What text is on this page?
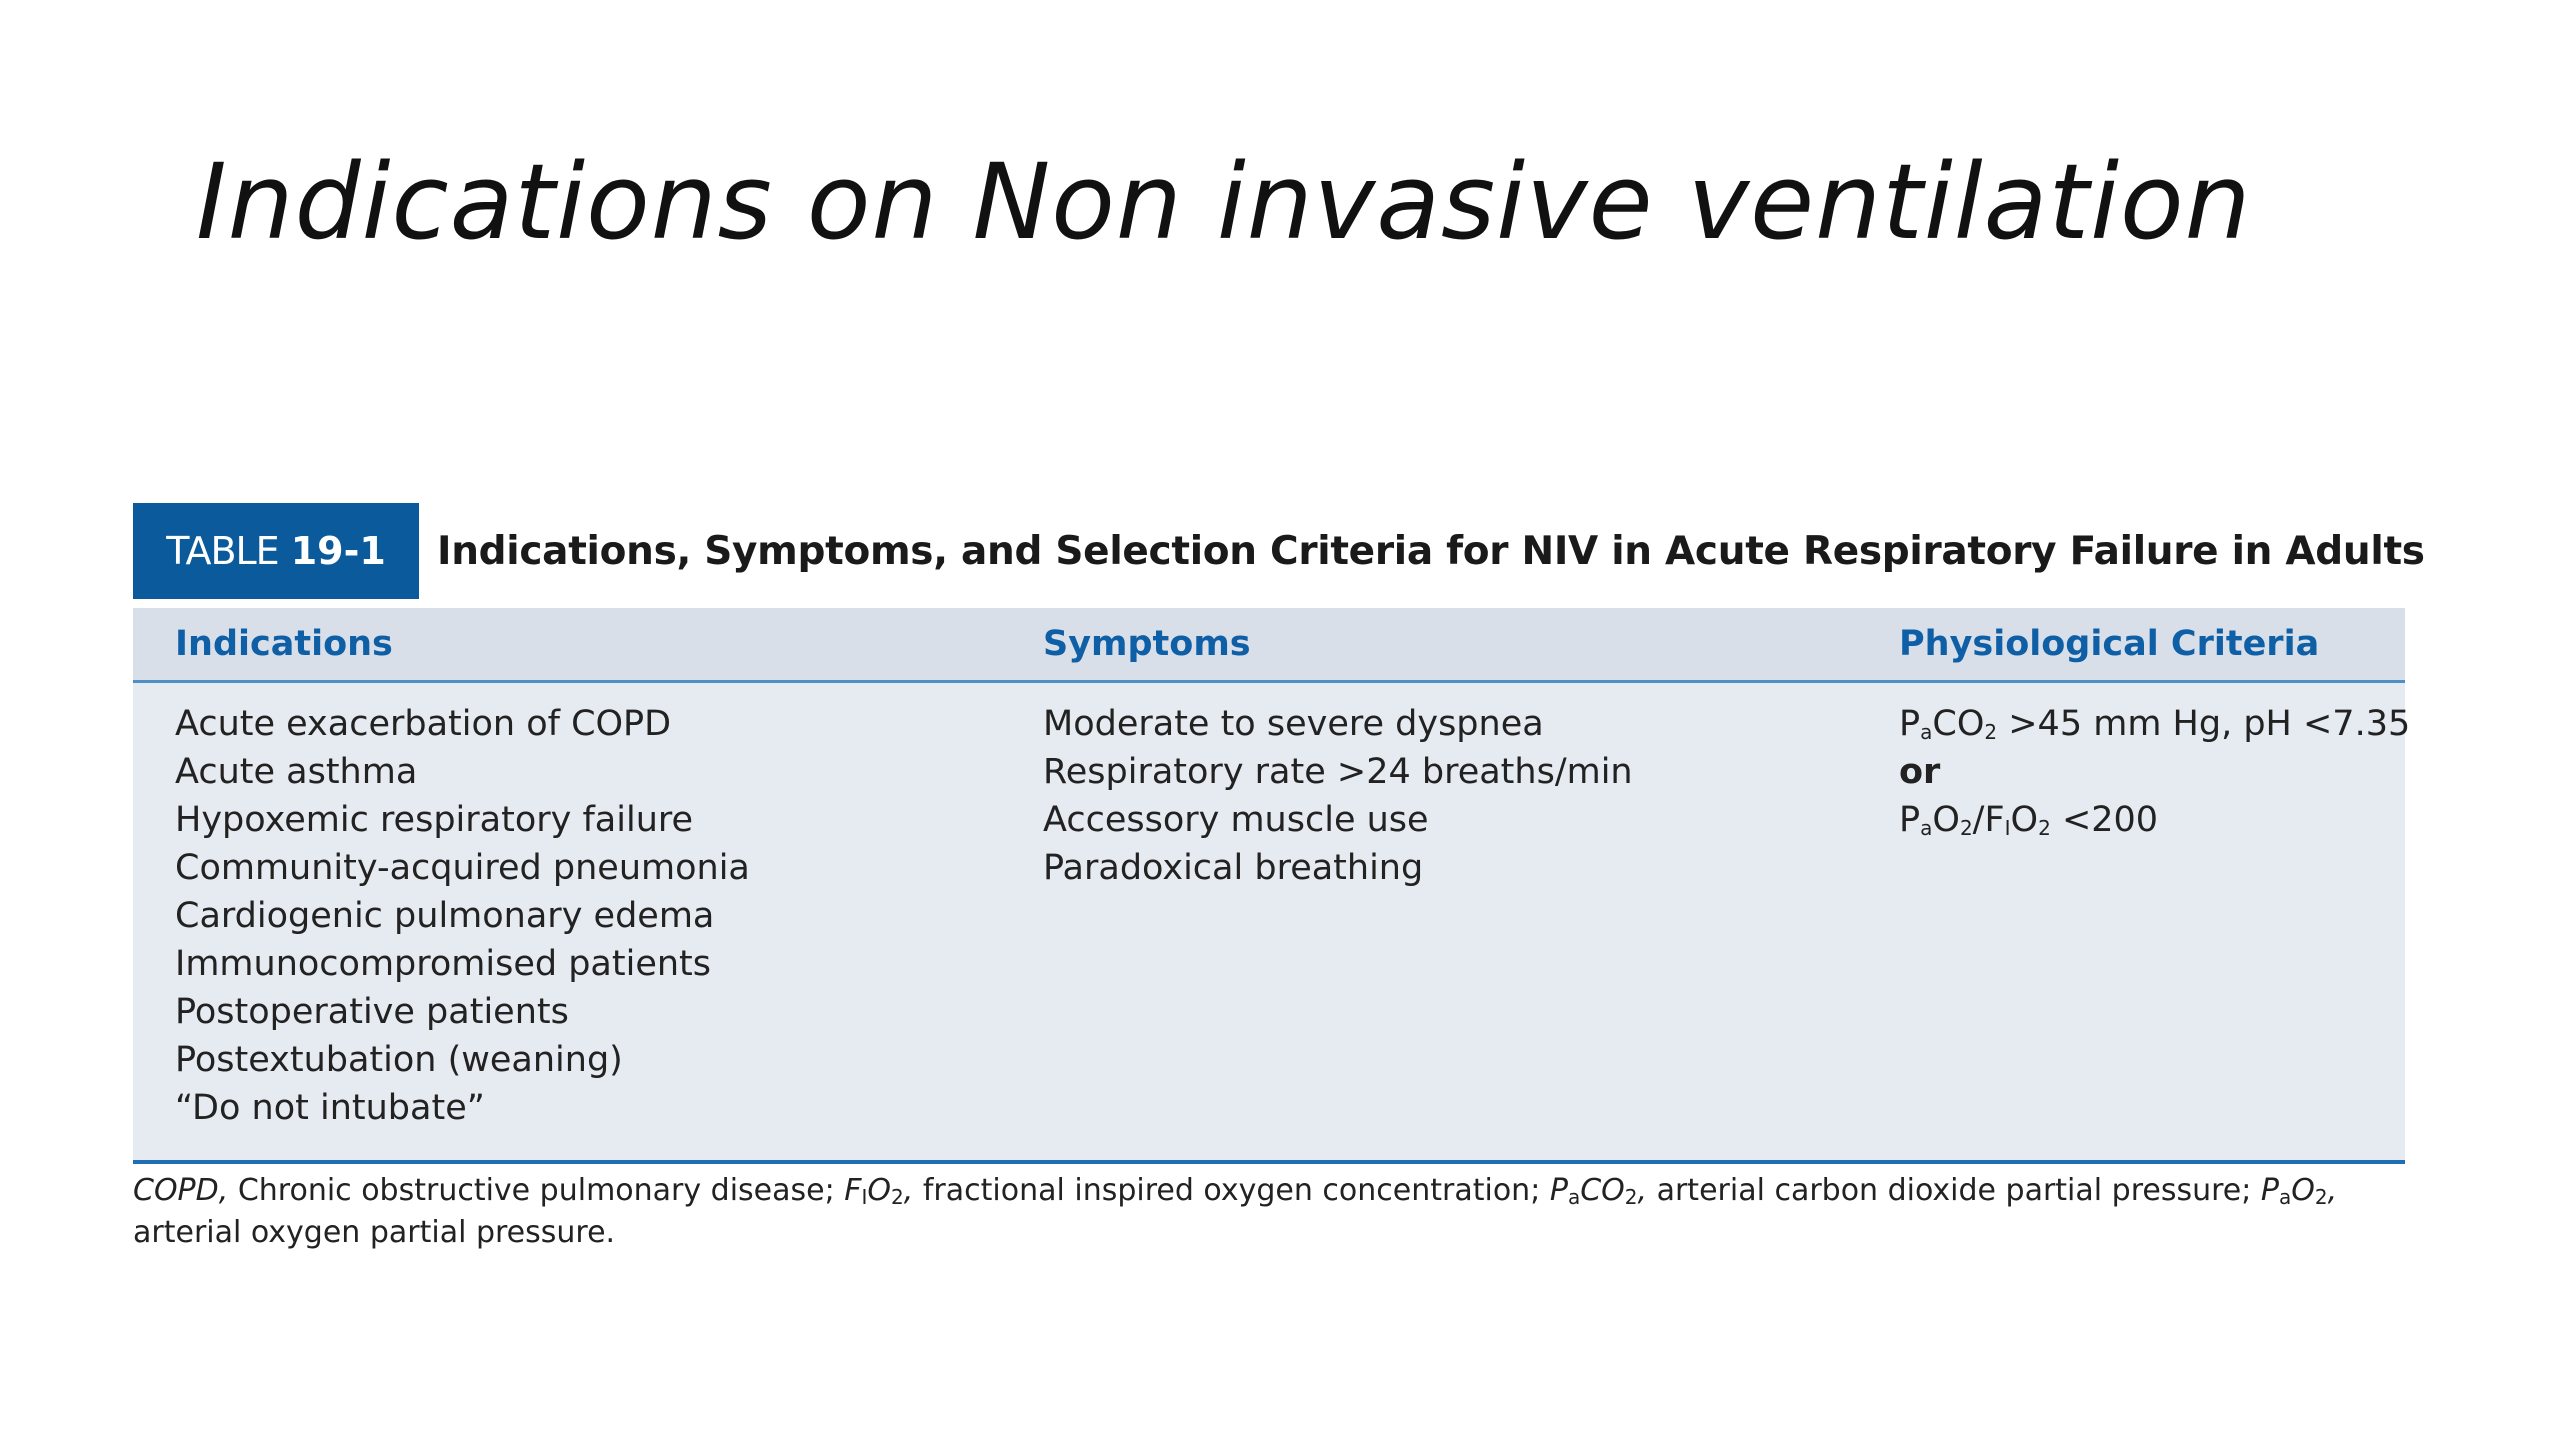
Indications on Non invasive ventilation
TABLE 19-1 Indications, Symptoms, and Selection Criteria for NIV in Acute Respiratory Failure in Adults
Indications	Symptoms	Physiological Criteria
Acute exacerbation of COPD
Acute asthma
Hypoxemic respiratory failure
Community-acquired pneumonia
Cardiogenic pulmonary edema
Immunocompromised patients
Postoperative patients
Postextubation (weaning)
“Do not intubate”
Moderate to severe dyspnea
Respiratory rate >24 breaths/min
Accessory muscle use
Paradoxical breathing
$P_aCO_2 >45$ mm Hg, pH <7.35
or
$P_aO_2/F_IO_2 <200$
COPD, Chronic obstructive pulmonary disease; $F_IO_2$, fractional inspired oxygen concentration; $P_aCO_2$, arterial carbon dioxide partial pressure; $P_aO_2$, arterial oxygen partial pressure.
